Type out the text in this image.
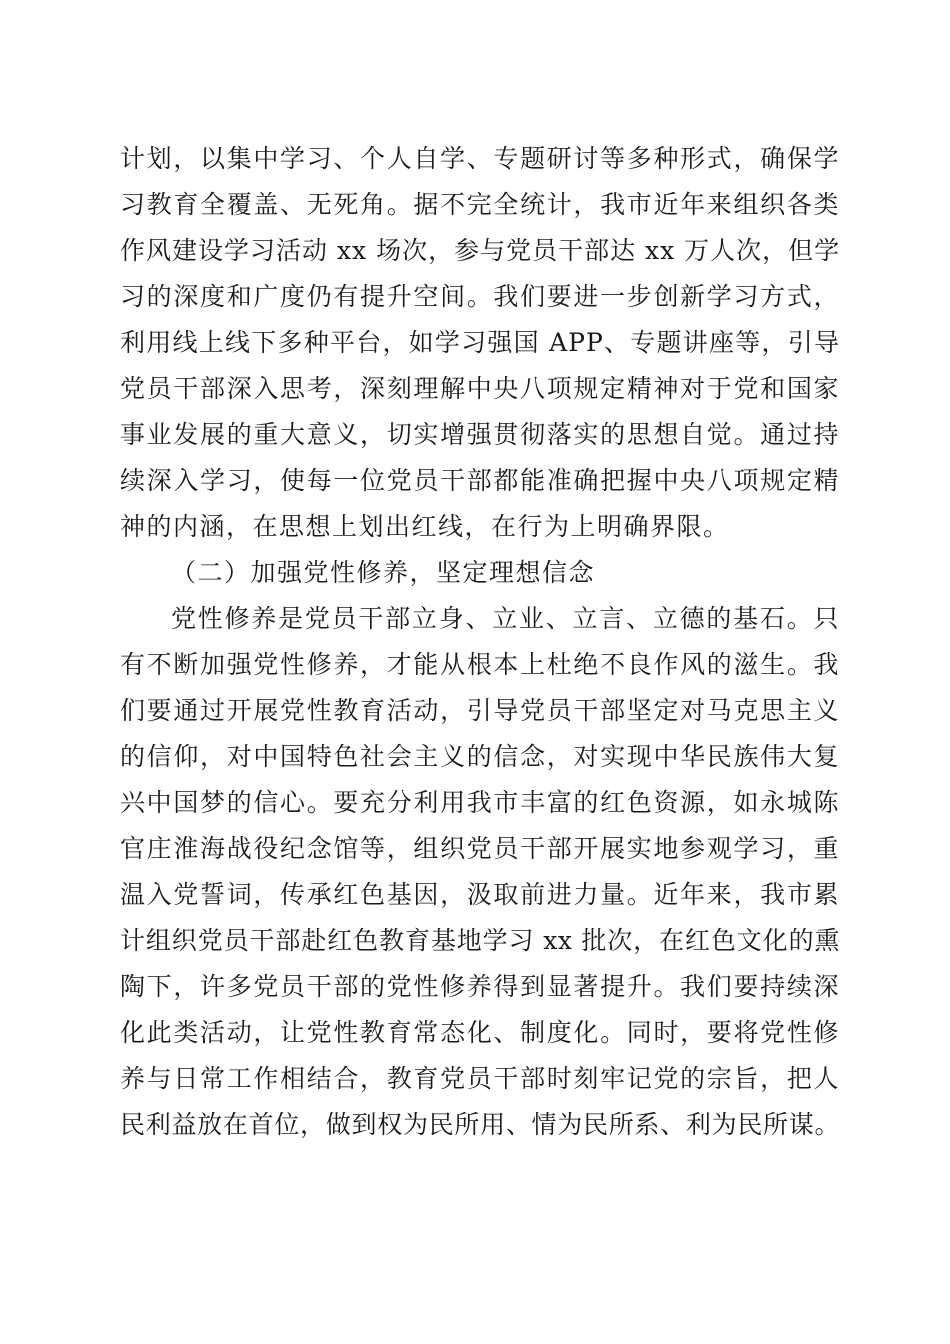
计划，以集中学习、个人自学、专题研讨等多种形式，确保学
习教育全覆盖、无死角。据不完全统计，我市近年来组织各类
作风建设学习活动 xx 场次，参与党员干部达 xx 万人次，但学
习的深度和广度仍有提升空间。我们要进一步创新学习方式，
利用线上线下多种平台，如学习强国 APP、专题讲座等，引导
党员干部深入思考，深刻理解中央八项规定精神对于党和国家
事业发展的重大意义，切实增强贯彻落实的思想自觉。通过持
续深入学习，使每一位党员干部都能准确把握中央八项规定精
神的内涵，在思想上划出红线，在行为上明确界限。
（二）加强党性修养，坚定理想信念
党性修养是党员干部立身、立业、立言、立德的基石。只
有不断加强党性修养，才能从根本上杜绝不良作风的滋生。我
们要通过开展党性教育活动，引导党员干部坚定对马克思主义
的信仰，对中国特色社会主义的信念，对实现中华民族伟大复
兴中国梦的信心。要充分利用我市丰富的红色资源，如永城陈
官庄淮海战役纪念馆等，组织党员干部开展实地参观学习，重
温入党誓词，传承红色基因，汲取前进力量。近年来，我市累
计组织党员干部赴红色教育基地学习 xx 批次，在红色文化的熏
陶下，许多党员干部的党性修养得到显著提升。我们要持续深
化此类活动，让党性教育常态化、制度化。同时，要将党性修
养与日常工作相结合，教育党员干部时刻牢记党的宗旨，把人
民利益放在首位，做到权为民所用、情为民所系、利为民所谋。
